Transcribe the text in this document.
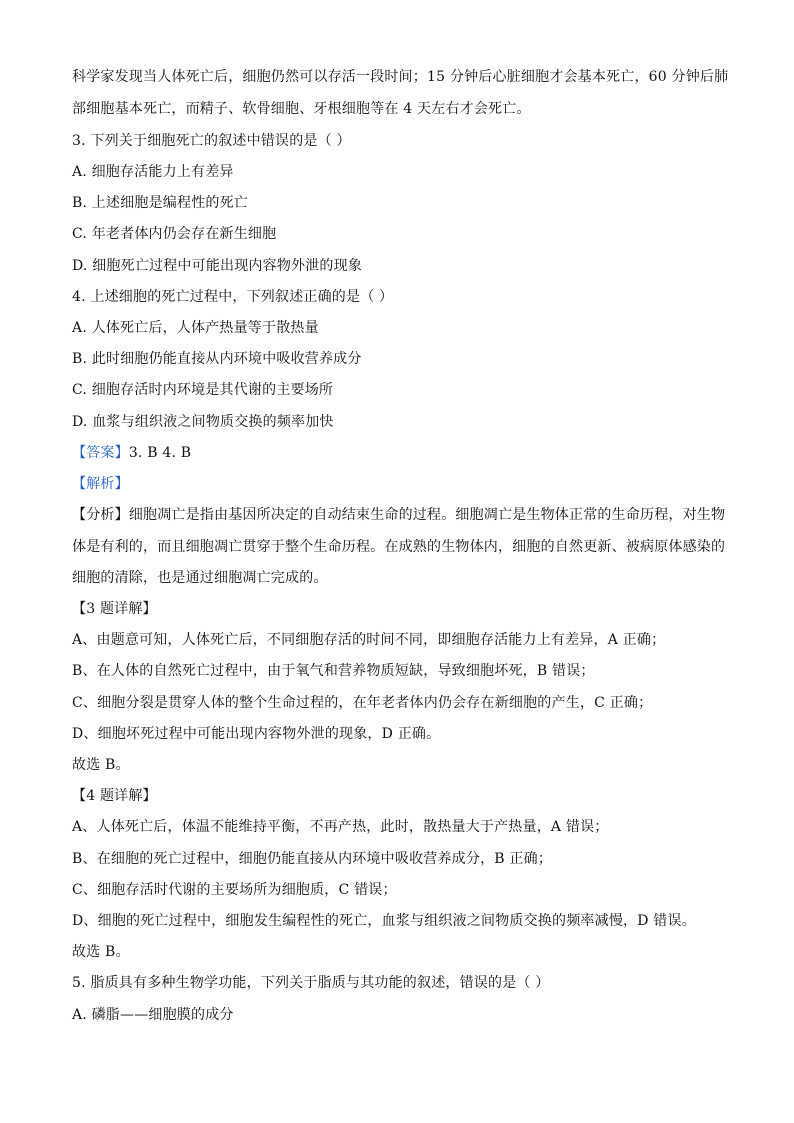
科学家发现当人体死亡后，细胞仍然可以存活一段时间；15 分钟后心脏细胞才会基本死亡，60 分钟后肺
部细胞基本死亡，而精子、软骨细胞、牙根细胞等在 4 天左右才会死亡。
3. 下列关于细胞死亡的叙述中错误的是（ ）
A. 细胞存活能力上有差异
B. 上述细胞是编程性的死亡
C. 年老者体内仍会存在新生细胞
D. 细胞死亡过程中可能出现内容物外泄的现象
4. 上述细胞的死亡过程中，下列叙述正确的是（ ）
A. 人体死亡后，人体产热量等于散热量
B. 此时细胞仍能直接从内环境中吸收营养成分
C. 细胞存活时内环境是其代谢的主要场所
D. 血浆与组织液之间物质交换的频率加快
【答案】3. B 4. B
【解析】
【分析】细胞凋亡是指由基因所决定的自动结束生命的过程。细胞凋亡是生物体正常的生命历程，对生物
体是有利的，而且细胞凋亡贯穿于整个生命历程。在成熟的生物体内，细胞的自然更新、被病原体感染的
细胞的清除，也是通过细胞凋亡完成的。
【3 题详解】
A、由题意可知，人体死亡后，不同细胞存活的时间不同，即细胞存活能力上有差异，A 正确；
B、在人体的自然死亡过程中，由于氧气和营养物质短缺，导致细胞坏死，B 错误；
C、细胞分裂是贯穿人体的整个生命过程的，在年老者体内仍会存在新细胞的产生，C 正确；
D、细胞坏死过程中可能出现内容物外泄的现象，D 正确。
故选 B。
【4 题详解】
A、人体死亡后，体温不能维持平衡，不再产热，此时，散热量大于产热量，A 错误；
B、在细胞的死亡过程中，细胞仍能直接从内环境中吸收营养成分，B 正确；
C、细胞存活时代谢的主要场所为细胞质，C 错误；
D、细胞的死亡过程中，细胞发生编程性的死亡，血浆与组织液之间物质交换的频率减慢，D 错误。
故选 B。
5. 脂质具有多种生物学功能，下列关于脂质与其功能的叙述，错误的是（ ）
A. 磷脂——细胞膜的成分
